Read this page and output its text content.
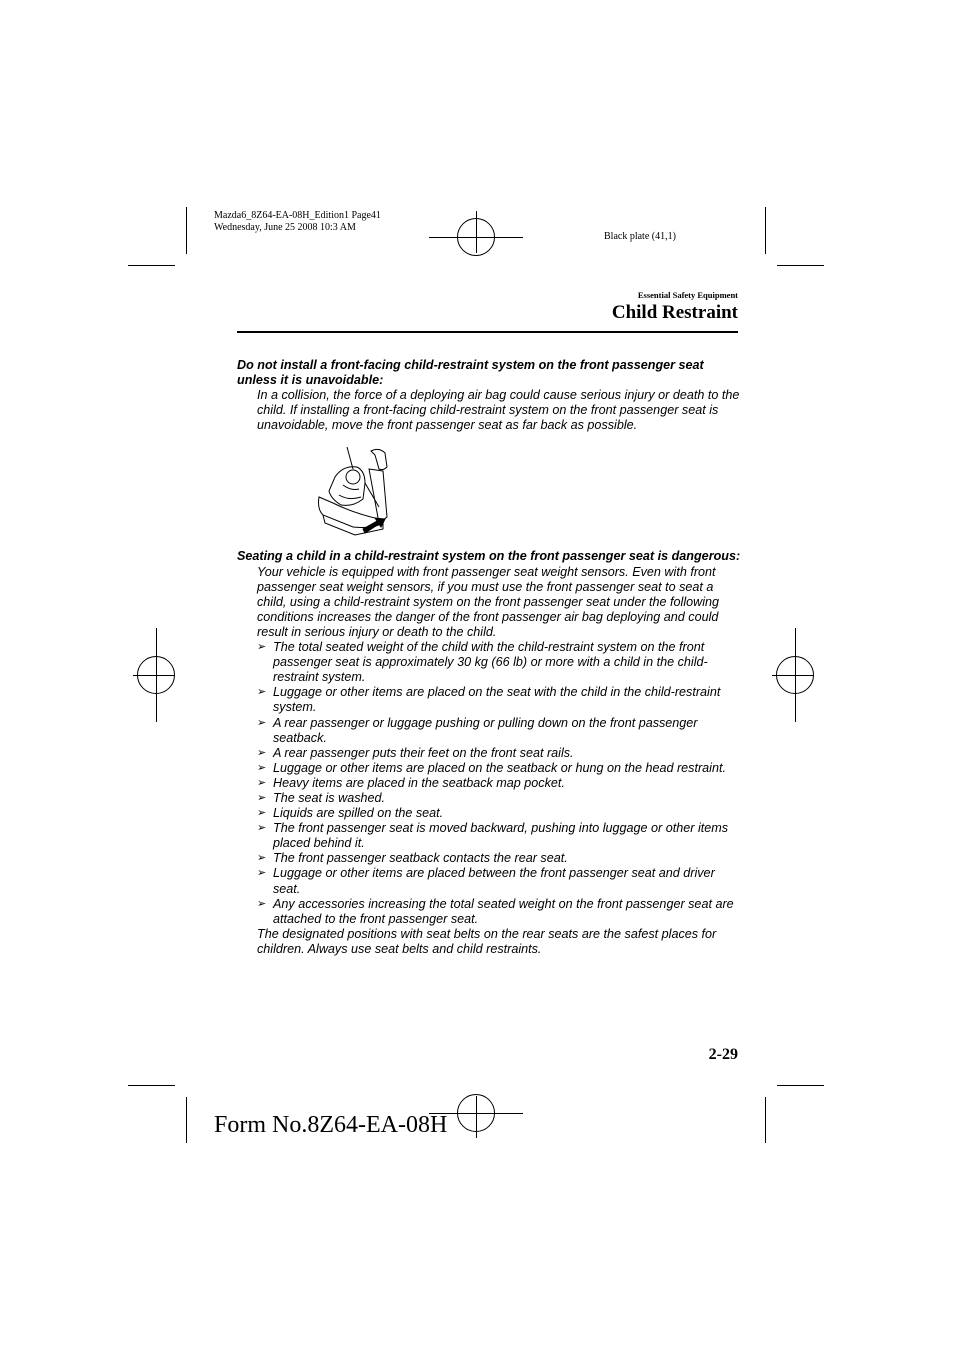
Mazda6_8Z64-EA-08H_Edition1 Page41
Wednesday, June 25 2008 10:3 AM
Black plate (41,1)
Essential Safety Equipment
Child Restraint

Do not install a front-facing child-restraint system on the front passenger seat unless it is unavoidable:

In a collision, the force of a deploying air bag could cause serious injury or death to the child. If installing a front-facing child-restraint system on the front passenger seat is unavoidable, move the front passenger seat as far back as possible.

Seating a child in a child-restraint system on the front passenger seat is dangerous:

Your vehicle is equipped with front passenger seat weight sensors. Even with front passenger seat weight sensors, if you must use the front passenger seat to seat a child, using a child-restraint system on the front passenger seat under the following conditions increases the danger of the front passenger air bag deploying and could result in serious injury or death to the child.

➢ The total seated weight of the child with the child-restraint system on the front passenger seat is approximately 30 kg (66 lb) or more with a child in the child-restraint system.
➢ Luggage or other items are placed on the seat with the child in the child-restraint system.
➢ A rear passenger or luggage pushing or pulling down on the front passenger seatback.
➢ A rear passenger puts their feet on the front seat rails.
➢ Luggage or other items are placed on the seatback or hung on the head restraint.
➢ Heavy items are placed in the seatback map pocket.
➢ The seat is washed.
➢ Liquids are spilled on the seat.
➢ The front passenger seat is moved backward, pushing into luggage or other items placed behind it.
➢ The front passenger seatback contacts the rear seat.
➢ Luggage or other items are placed between the front passenger seat and driver seat.
➢ Any accessories increasing the total seated weight on the front passenger seat are attached to the front passenger seat.

The designated positions with seat belts on the rear seats are the safest places for children. Always use seat belts and child restraints.

2-29
Form No.8Z64-EA-08H
